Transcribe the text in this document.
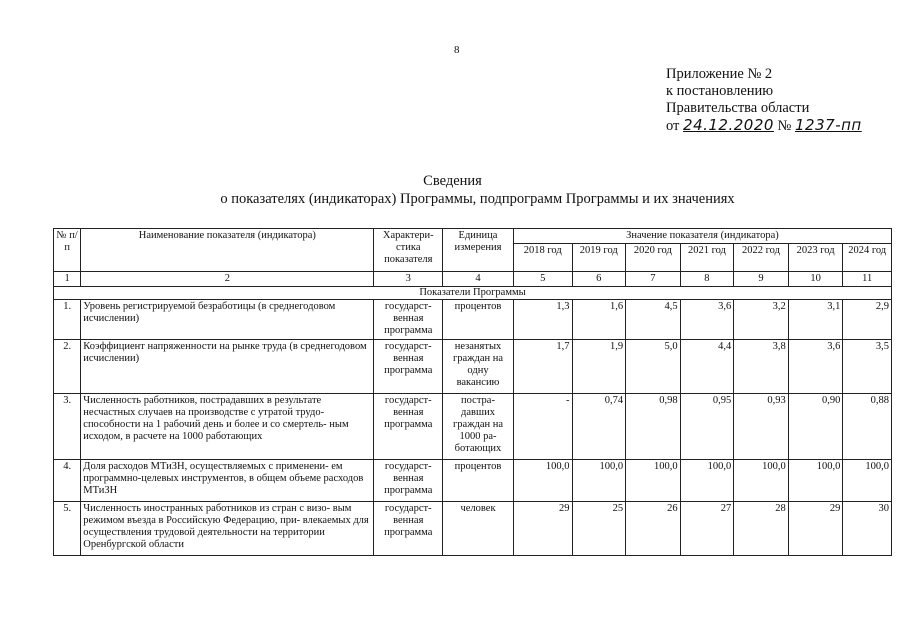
8
Приложение № 2
к постановлению
Правительства области
от 24.12.2020 № 1237-пп
Сведения
о показателях (индикаторах) Программы, подпрограмм Программы и их значениях
№ п/п	Наименование показателя (индикатора)	Характери- стика показателя	Единица измерения	Значение показателя (индикатора)						
				2018 год	2019 год	2020 год	2021 год	2022 год	2023 год	2024 год
1	2	3	4	5	6	7	8	9	10	11
Показатели Программы										
1.	Уровень регистрируемой безработицы (в среднегодовом исчислении)	государст- венная программа	процентов	1,3	1,6	4,5	3,6	3,2	3,1	2,9
2.	Коэффициент напряженности на рынке труда (в среднегодовом исчислении)	государст- венная программа	незанятых граждан на одну вакансию	1,7	1,9	5,0	4,4	3,8	3,6	3,5
3.	Численность работников, пострадавших в результате несчастных случаев на производстве с утратой трудо- способности на 1 рабочий день и более и со смертель- ным исходом, в расчете на 1000 работающих	государст- венная программа	постра- давших граждан на 1000 ра- ботающих	-	0,74	0,98	0,95	0,93	0,90	0,88
4.	Доля расходов МТиЗН, осуществляемых с применени- ем программно-целевых инструментов, в общем объеме расходов МТиЗН	государст- венная программа	процентов	100,0	100,0	100,0	100,0	100,0	100,0	100,0
5.	Численность иностранных работников из стран с визо- вым режимом въезда в Российскую Федерацию, при- влекаемых для осуществления трудовой деятельности на территории Оренбургской области	государст- венная программа	человек	29	25	26	27	28	29	30
